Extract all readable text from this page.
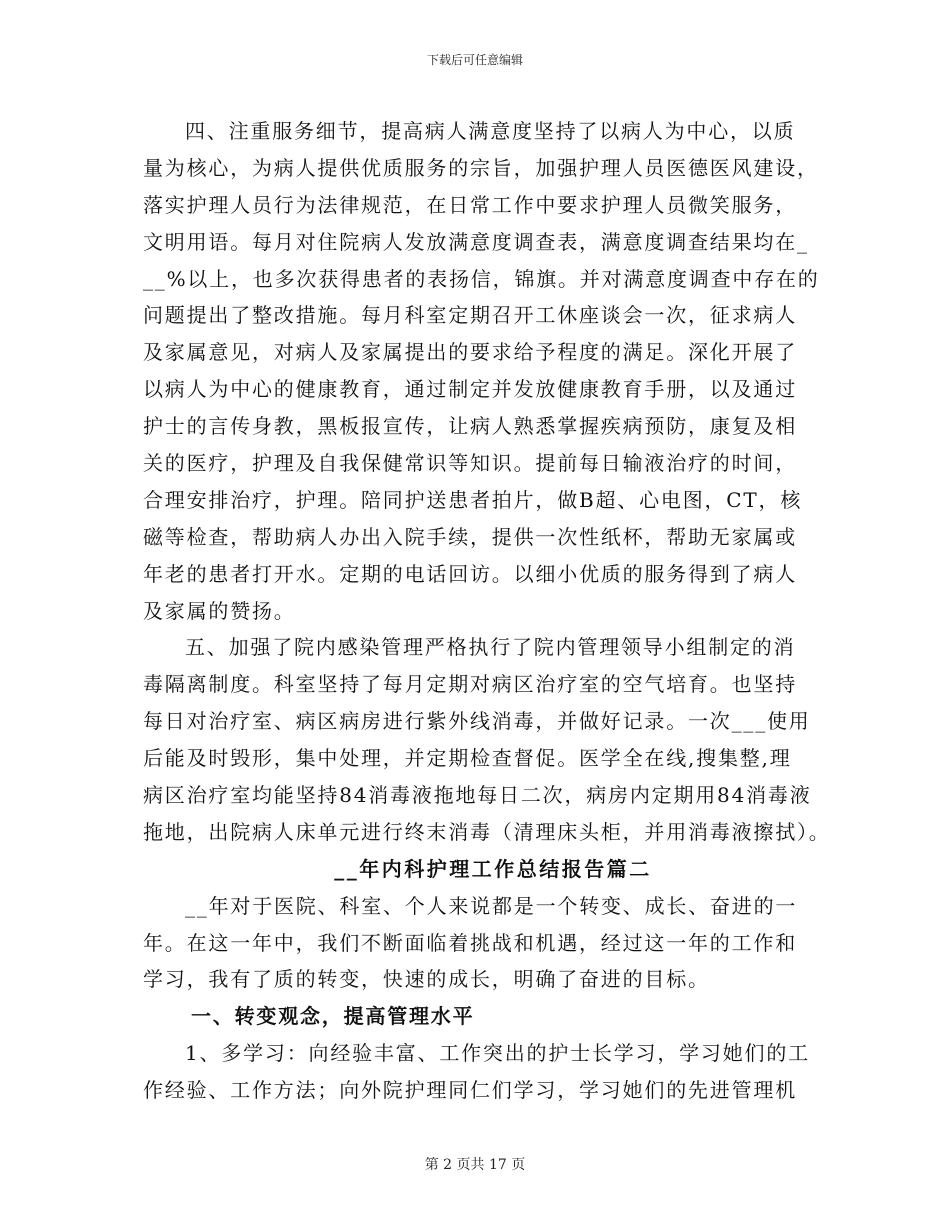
下载后可任意编辑
四、注重服务细节，提高病人满意度坚持了以病人为中心，以质
量为核心，为病人提供优质服务的宗旨，加强护理人员医德医风建设，
落实护理人员行为法律规范，在日常工作中要求护理人员微笑服务，
文明用语。每月对住院病人发放满意度调查表，满意度调查结果均在_
__%以上，也多次获得患者的表扬信，锦旗。并对满意度调查中存在的
问题提出了整改措施。每月科室定期召开工休座谈会一次，征求病人
及家属意见，对病人及家属提出的要求给予程度的满足。深化开展了
以病人为中心的健康教育，通过制定并发放健康教育手册，以及通过
护士的言传身教，黑板报宣传，让病人熟悉掌握疾病预防，康复及相
关的医疗，护理及自我保健常识等知识。提前每日输液治疗的时间，
合理安排治疗，护理。陪同护送患者拍片，做B超、心电图，CT，核
磁等检查，帮助病人办出入院手续，提供一次性纸杯，帮助无家属或
年老的患者打开水。定期的电话回访。以细小优质的服务得到了病人
及家属的赞扬。
五、加强了院内感染管理严格执行了院内管理领导小组制定的消
毒隔离制度。科室坚持了每月定期对病区治疗室的空气培育。也坚持
每日对治疗室、病区病房进行紫外线消毒，并做好记录。一次___使用
后能及时毁形，集中处理，并定期检查督促。医学全在线,搜集整,理
病区治疗室均能坚持84消毒液拖地每日二次，病房内定期用84消毒液
拖地，出院病人床单元进行终末消毒（清理床头柜，并用消毒液擦拭）。
__年内科护理工作总结报告篇二
__年对于医院、科室、个人来说都是一个转变、成长、奋进的一
年。在这一年中，我们不断面临着挑战和机遇，经过这一年的工作和
学习，我有了质的转变，快速的成长，明确了奋进的目标。
一、转变观念，提高管理水平
1、多学习：向经验丰富、工作突出的护士长学习，学习她们的工
作经验、工作方法；向外院护理同仁们学习，学习她们的先进管理机
第 2 页共 17 页
